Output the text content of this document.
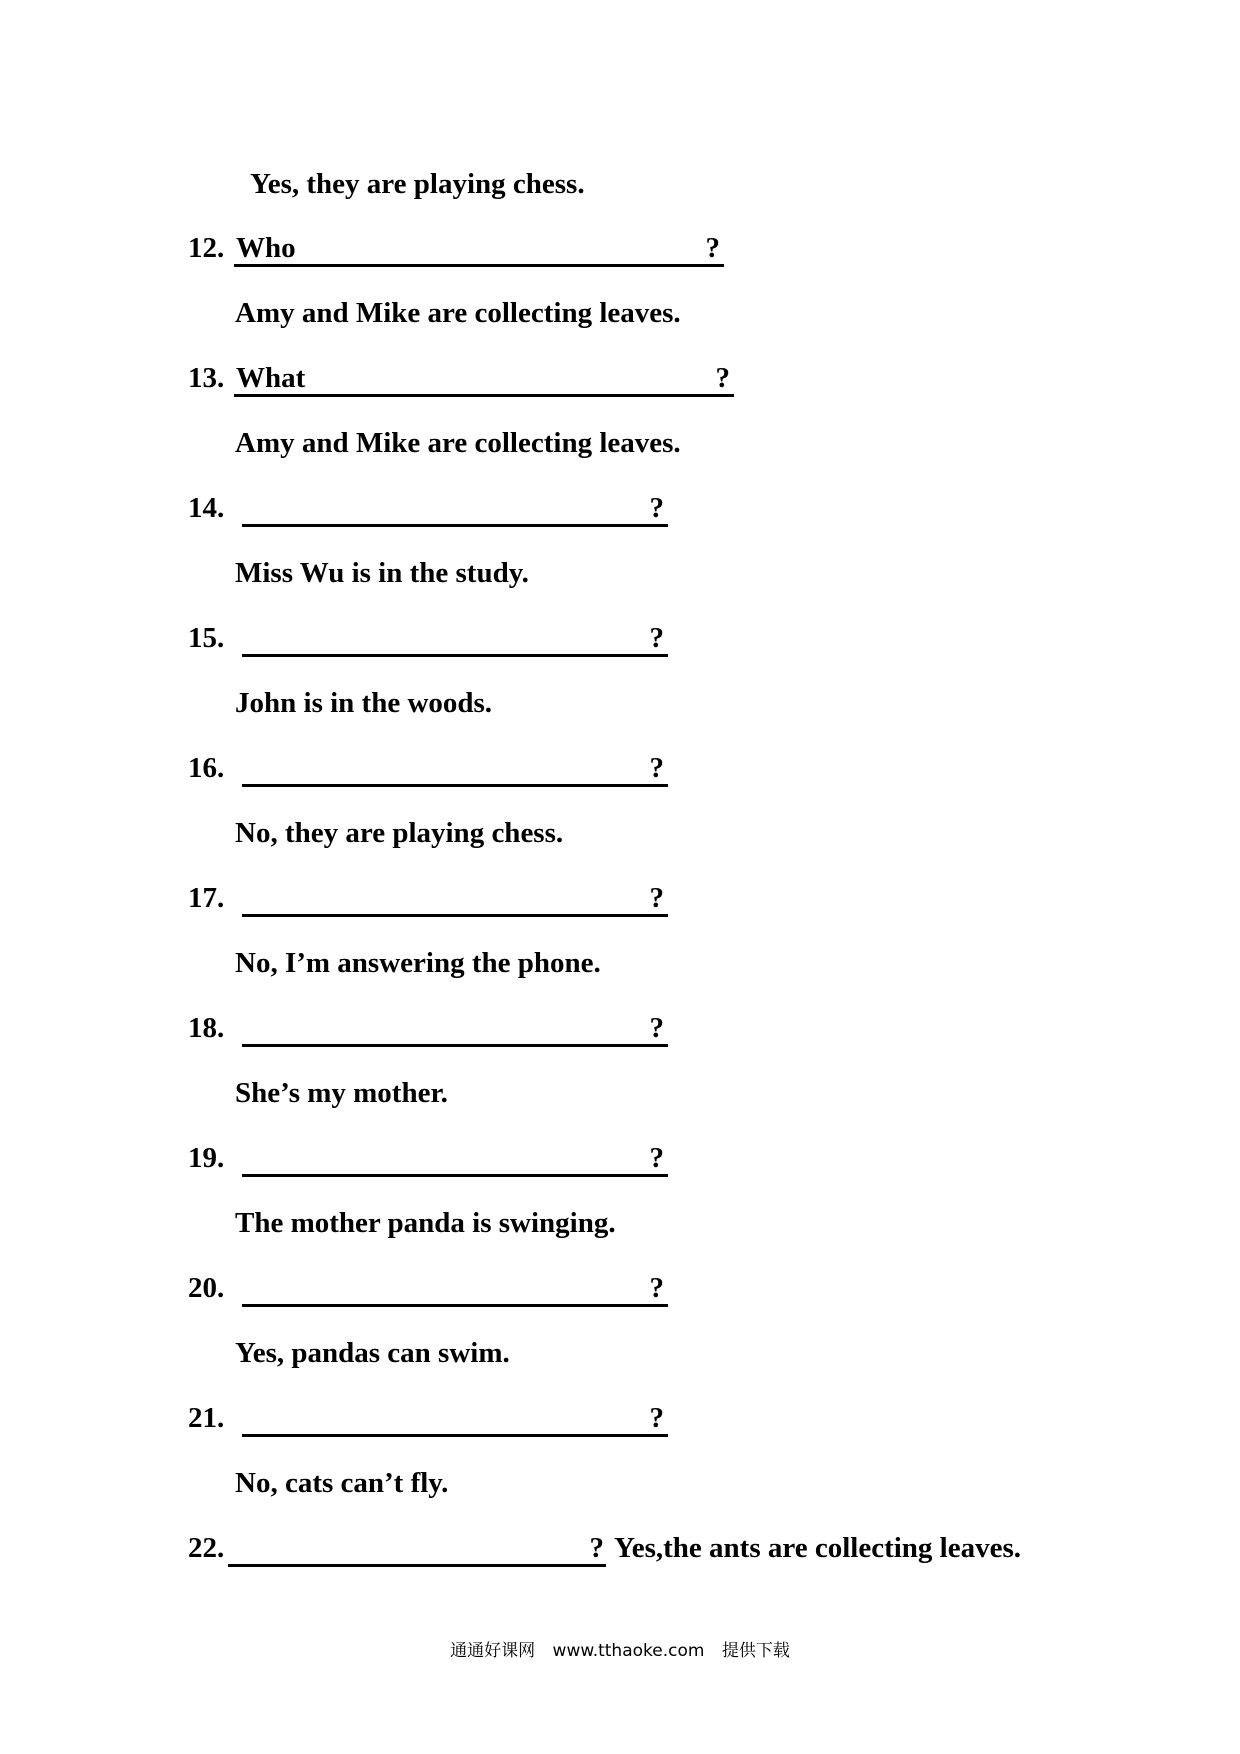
Yes, they are playing chess.
12. Who	?
Amy and Mike are collecting leaves.
13. What	?
Amy and Mike are collecting leaves.
14.	?
Miss Wu is in the study.
15.	?
John is in the woods.
16.	?
No, they are playing chess.
17.	?
No, I’m answering the phone.
18.	?
She’s my mother.
19.	?
The mother panda is swinging.
20.	?
Yes, pandas can swim.
21.	?
No, cats can’t fly.
22.	? Yes,the ants are collecting leaves.
通通好课网 www.tthaoke.com 提供下载
